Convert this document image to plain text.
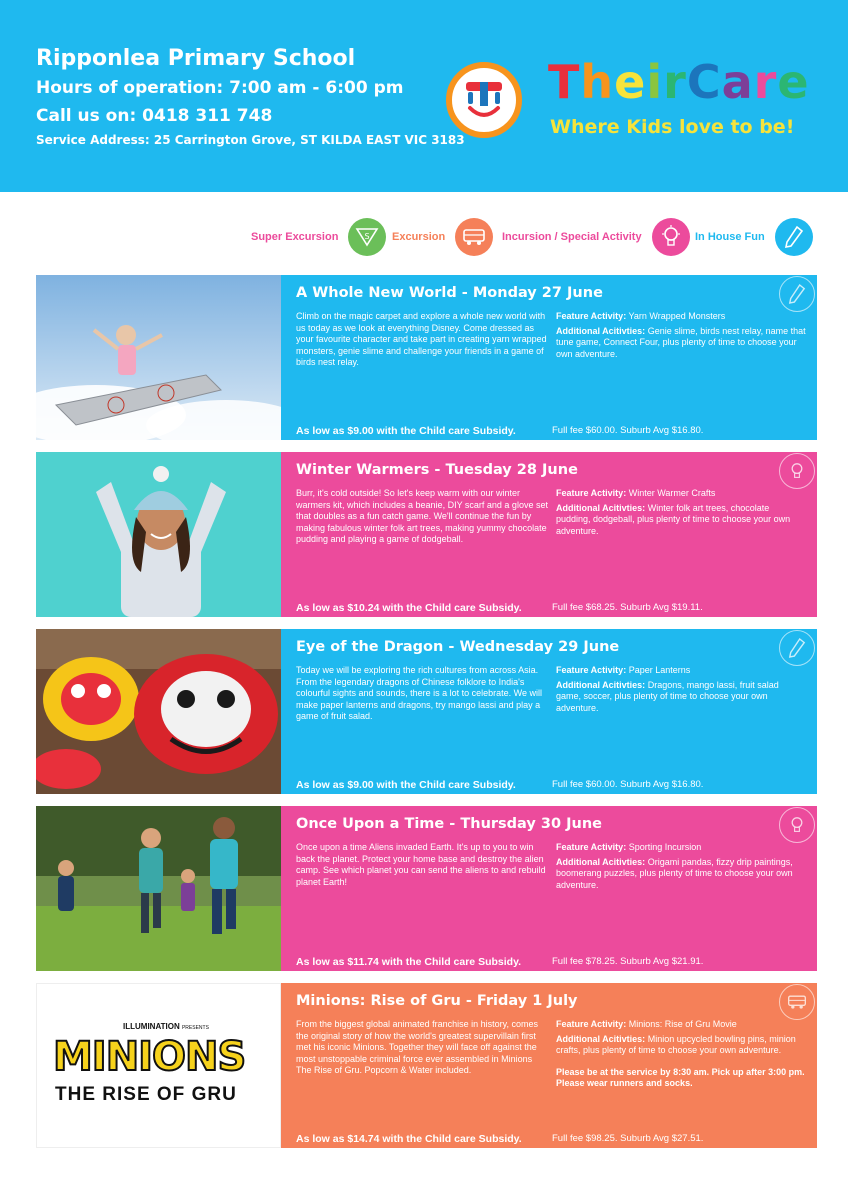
Ripponlea Primary School
Hours of operation: 7:00 am - 6:00 pm
Call us on: 0418 311 748
Service Address: 25 Carrington Grove, ST KILDA EAST VIC 3183
TheirCare
Where Kids love to be!
Super Excursion	S Excursion	Incursion / Special Activity	In House Fun
A Whole New World - Monday 27 June
Climb on the magic carpet and explore a whole new world with us today as we look at everything Disney. Come dressed as your favourite character and take part in creating yarn wrapped monsters, genie slime and challenge your friends in a game of birds nest relay.
Feature Activity: Yarn Wrapped Monsters
Additional Acitivties: Genie slime, birds nest relay, name that tune game, Connect Four, plus plenty of time to choose your own adventure.
As low as $9.00 with the Child care Subsidy.	Full fee $60.00. Suburb Avg $16.80.
Winter Warmers - Tuesday 28 June
Burr, it's cold outside! So let's keep warm with our winter warmers kit, which includes a beanie, DIY scarf and a glove set that doubles as a fun catch game. We'll continue the fun by making fabulous winter folk art trees, making yummy chocolate pudding and playing a game of dodgeball.
Feature Activity: Winter Warmer Crafts
Additional Acitivties: Winter folk art trees, chocolate pudding, dodgeball, plus plenty of time to choose your own adventure.
As low as $10.24 with the Child care Subsidy.	Full fee $68.25. Suburb Avg $19.11.
Eye of the Dragon - Wednesday 29 June
Today we will be exploring the rich cultures from across Asia. From the legendary dragons of Chinese folklore to India's colourful sights and sounds, there is a lot to celebrate. We will make paper lanterns and dragons, try mango lassi and play a game of fruit salad.
Feature Activity: Paper Lanterns
Additional Acitivties: Dragons, mango lassi, fruit salad game, soccer, plus plenty of time to choose your own adventure.
As low as $9.00 with the Child care Subsidy.	Full fee $60.00. Suburb Avg $16.80.
Once Upon a Time - Thursday 30 June
Once upon a time Aliens invaded Earth. It's up to you to win back the planet. Protect your home base and destroy the alien camp. See which planet you can send the aliens to and rebuild planet Earth!
Feature Activity: Sporting Incursion
Additional Acitivties: Origami pandas, fizzy drip paintings, boomerang puzzles, plus plenty of time to choose your own adventure.
As low as $11.74 with the Child care Subsidy.	Full fee $78.25. Suburb Avg $21.91.
ILLUMINATION PRESENTS
MINIONS
THE RISE OF GRU
Minions: Rise of Gru - Friday 1 July
From the biggest global animated franchise in history, comes the original story of how the world's greatest supervillain first met his iconic Minions. Together they will face off against the most unstoppable criminal force ever assembled in Minions The Rise of Gru. Popcorn & Water included.
Feature Activity: Minions: Rise of Gru Movie
Additional Acitivties: Minion upcycled bowling pins, minion crafts, plus plenty of time to choose your own adventure.
Please be at the service by 8:30 am. Pick up after 3:00 pm. Please wear runners and socks.
As low as $14.74 with the Child care Subsidy.	Full fee $98.25. Suburb Avg $27.51.
